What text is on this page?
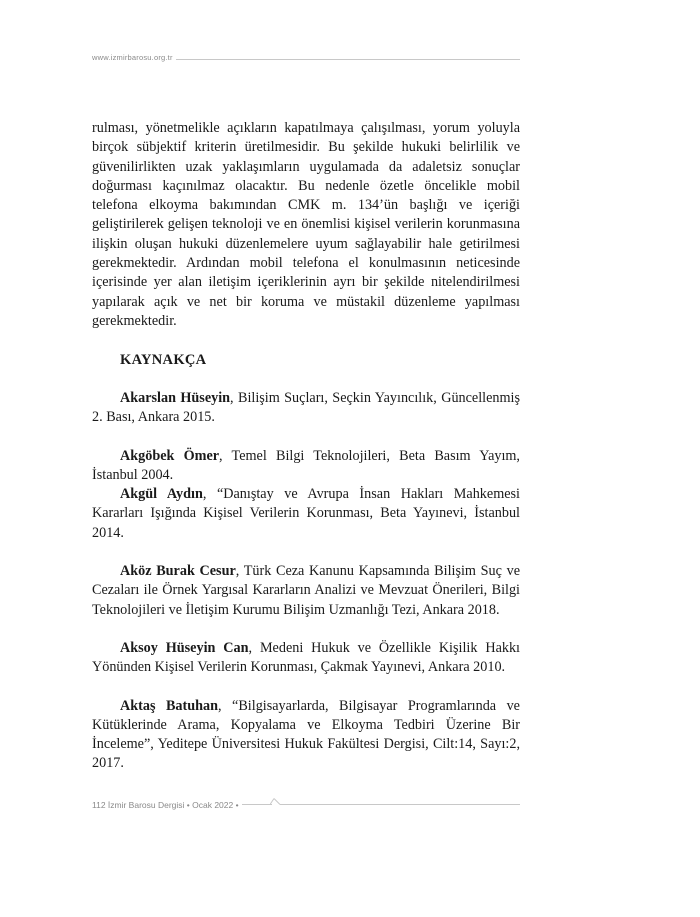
www.izmirbarosu.org.tr

rulması, yönetmelikle açıkların kapatılmaya çalışılması, yorum yoluyla birçok sübjektif kriterin üretilmesidir. Bu şekilde hukuki belirlilik ve güvenilirlikten uzak yaklaşımların uygulamada da adaletsiz sonuçlar doğurması kaçınılmaz olacaktır. Bu nedenle özetle öncelikle mobil telefona elkoyma bakımından CMK m. 134’ün başlığı ve içeriği geliştirilerek gelişen teknoloji ve en önemlisi kişisel verilerin korunmasına ilişkin oluşan hukuki düzenlemelere uyum sağlayabilir hale getirilmesi gerekmektedir. Ardından mobil telefona el konulmasının neticesinde içerisinde yer alan iletişim içeriklerinin ayrı bir şekilde nitelendirilmesi yapılarak açık ve net bir koruma ve müstakil düzenleme yapılması gerekmektedir.

KAYNAKÇA

Akarslan Hüseyin, Bilişim Suçları, Seçkin Yayıncılık, Güncellenmiş 2. Bası, Ankara 2015.

Akgöbek Ömer, Temel Bilgi Teknolojileri, Beta Basım Yayım, İstanbul 2004.

Akgül Aydın, “Danıştay ve Avrupa İnsan Hakları Mahkemesi Kararları Işığında Kişisel Verilerin Korunması, Beta Yayınevi, İstanbul 2014.

Aköz Burak Cesur, Türk Ceza Kanunu Kapsamında Bilişim Suç ve Cezaları ile Örnek Yargısal Kararların Analizi ve Mevzuat Önerileri, Bilgi Teknolojileri ve İletişim Kurumu Bilişim Uzmanlığı Tezi, Ankara 2018.

Aksoy Hüseyin Can, Medeni Hukuk ve Özellikle Kişilik Hakkı Yönünden Kişisel Verilerin Korunması, Çakmak Yayınevi, Ankara 2010.

Aktaş Batuhan, “Bilgisayarlarda, Bilgisayar Programlarında ve Kütüklerinde Arama, Kopyalama ve Elkoyma Tedbiri Üzerine Bir İnceleme”, Yeditepe Üniversitesi Hukuk Fakültesi Dergisi, Cilt:14, Sayı:2, 2017.

112 İzmir Barosu Dergisi • Ocak 2022 •
